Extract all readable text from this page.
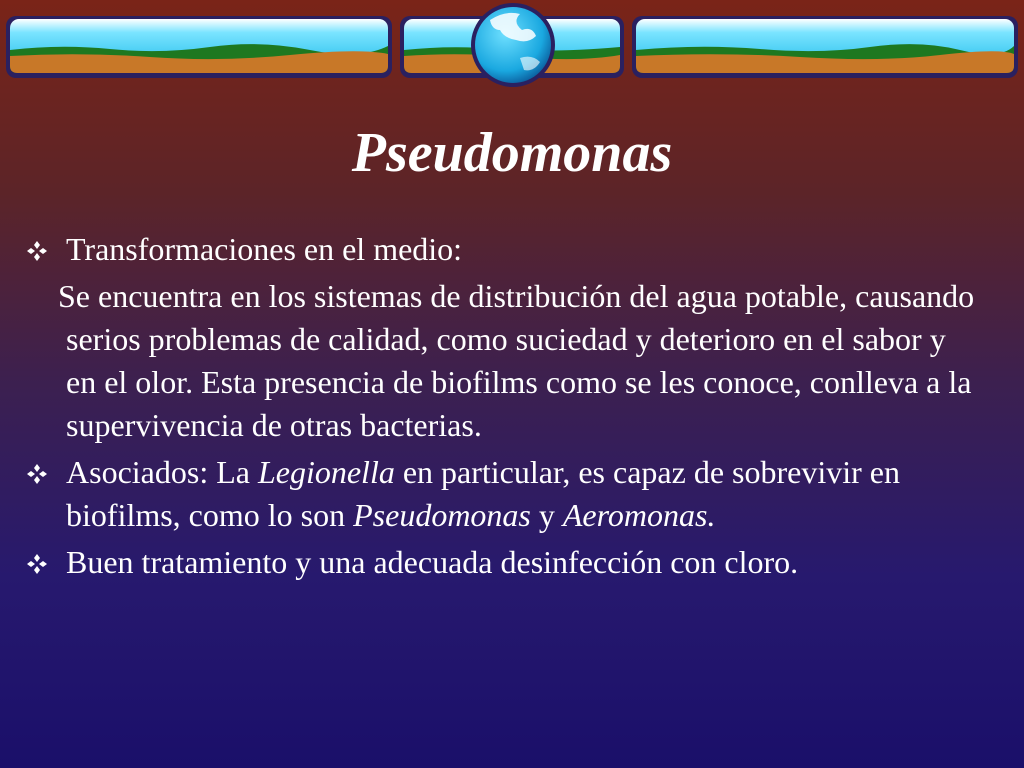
Pseudomonas
Transformaciones en el medio:

Se encuentra en los sistemas de distribución del agua potable, causando serios problemas de calidad, como suciedad y deterioro en el sabor y en el olor. Esta presencia de biofilms como se les conoce, conlleva a la supervivencia de otras bacterias.

Asociados: La Legionella en particular, es capaz de sobrevivir en biofilms, como lo son Pseudomonas y Aeromonas.
Buen tratamiento y una adecuada desinfección con cloro.
